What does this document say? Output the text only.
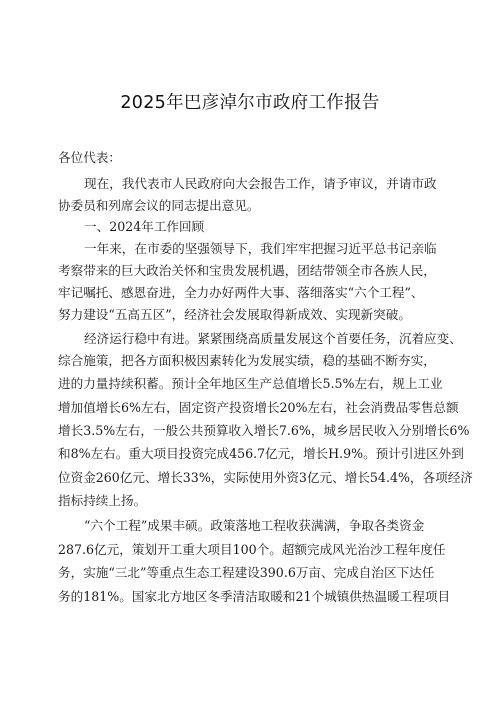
2025年巴彦淖尔市政府工作报告
各位代表：
现在，我代表市人民政府向大会报告工作，请予审议，并请市政
协委员和列席会议的同志提出意见。
一、2024年工作回顾
一年来，在市委的坚强领导下，我们牢牢把握习近平总书记亲临
考察带来的巨大政治关怀和宝贵发展机遇，团结带领全市各族人民，
牢记嘱托、感恩奋进，全力办好两件大事、落细落实“六个工程”、
努力建设“五高五区”，经济社会发展取得新成效、实现新突破。
经济运行稳中有进。紧紧围绕高质量发展这个首要任务，沉着应变、
综合施策，把各方面积极因素转化为发展实绩，稳的基础不断夯实，
进的力量持续积蓄。预计全年地区生产总值增长5.5%左右，规上工业
增加值增长6%左右，固定资产投资增长20%左右，社会消费品零售总额
增长3.5%左右，一般公共预算收入增长7.6%，城乡居民收入分别增长6%
和8%左右。重大项目投资完成456.7亿元，增长H.9%。预计引进区外到
位资金260亿元、增长33%，实际使用外资3亿元、增长54.4%，各项经济
指标持续上扬。
“六个工程”成果丰硕。政策落地工程收获满满，争取各类资金
287.6亿元，策划开工重大项目100个。超额完成风光治沙工程年度任
务，实施“三北”等重点生态工程建设390.6万亩、完成自治区下达任
务的181%。国家北方地区冬季清洁取暖和21个城镇供热温暖工程项目
